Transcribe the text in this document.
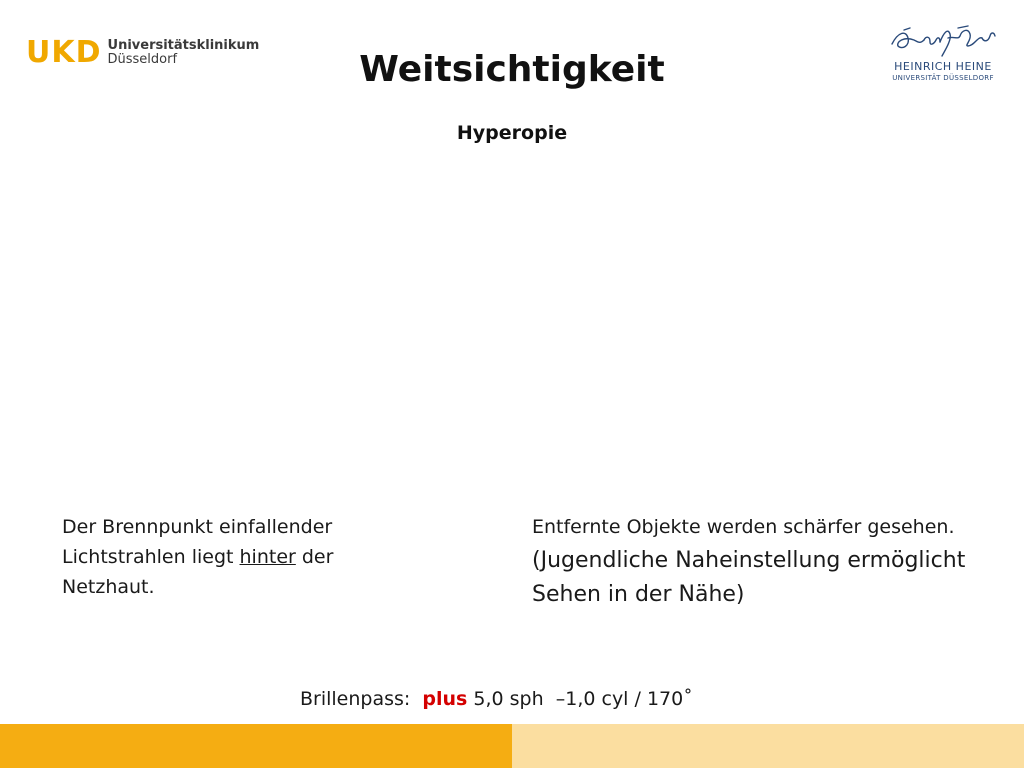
UKD Universitätsklinikum
Düsseldorf	HEINRICH HEINE
UNIVERSITÄT DÜSSELDORF
Weitsichtigkeit
Hyperopie
Der Brennpunkt einfallender Lichtstrahlen liegt hinter der Netzhaut.
Entfernte Objekte werden schärfer gesehen.
(Jugendliche Naheinstellung ermöglicht Sehen in der Nähe)
Brillenpass:  plus 5,0 sph  –1,0 cyl / 170˚
